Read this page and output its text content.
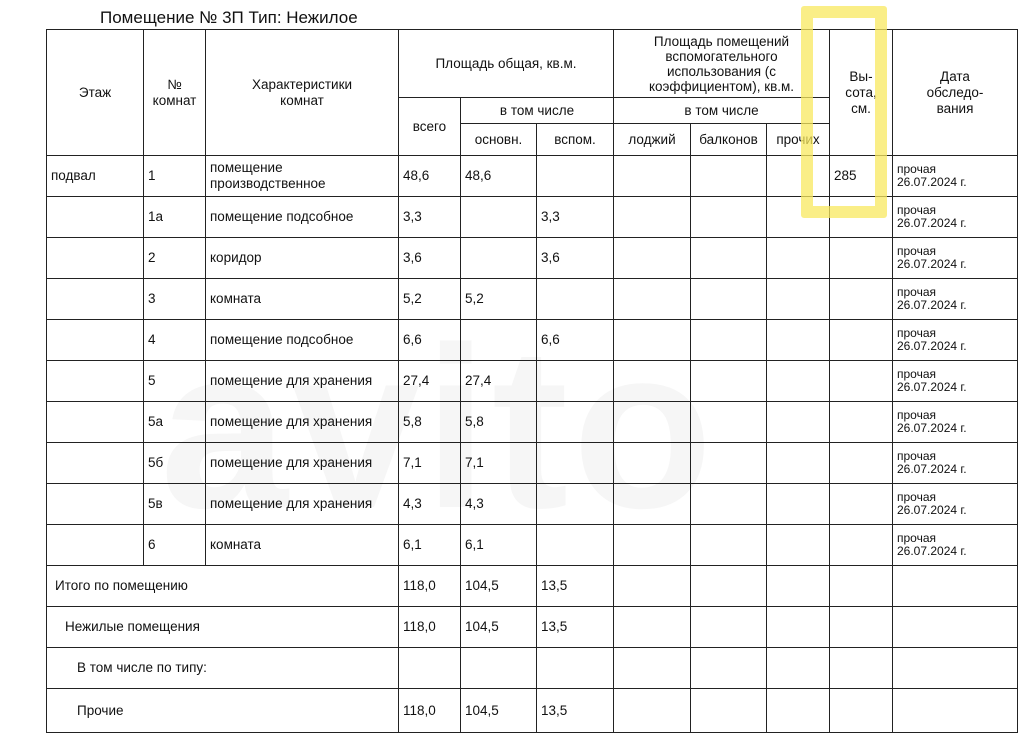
Помещение № 3П Тип: Нежилое
Этаж	№
комнат	Характеристики
комнат	Площадь общая, кв.м.			Площадь помещений
вспомогательного
использования (с
коэффициентом), кв.м.			Вы-
сота,
см.	Дата
обследо-
вания
			всего	в том числе		в том числе				
				основн.	вспом.	лоджий	балконов	прочих		
подвал	1	помещение производственное	48,6	48,6					285	прочая
26.07.2024 г.
	1а	помещение подсобное	3,3		3,3					прочая
26.07.2024 г.
	2	коридор	3,6		3,6					прочая
26.07.2024 г.
	3	комната	5,2	5,2						прочая
26.07.2024 г.
	4	помещение подсобное	6,6		6,6					прочая
26.07.2024 г.
	5	помещение для хранения	27,4	27,4						прочая
26.07.2024 г.
	5а	помещение для хранения	5,8	5,8						прочая
26.07.2024 г.
	5б	помещение для хранения	7,1	7,1						прочая
26.07.2024 г.
	5в	помещение для хранения	4,3	4,3						прочая
26.07.2024 г.
	6	комната	6,1	6,1						прочая
26.07.2024 г.
Итого по помещению			118,0	104,5	13,5					
Нежилые помещения			118,0	104,5	13,5					
В том числе по типу:										
Прочие			118,0	104,5	13,5					
